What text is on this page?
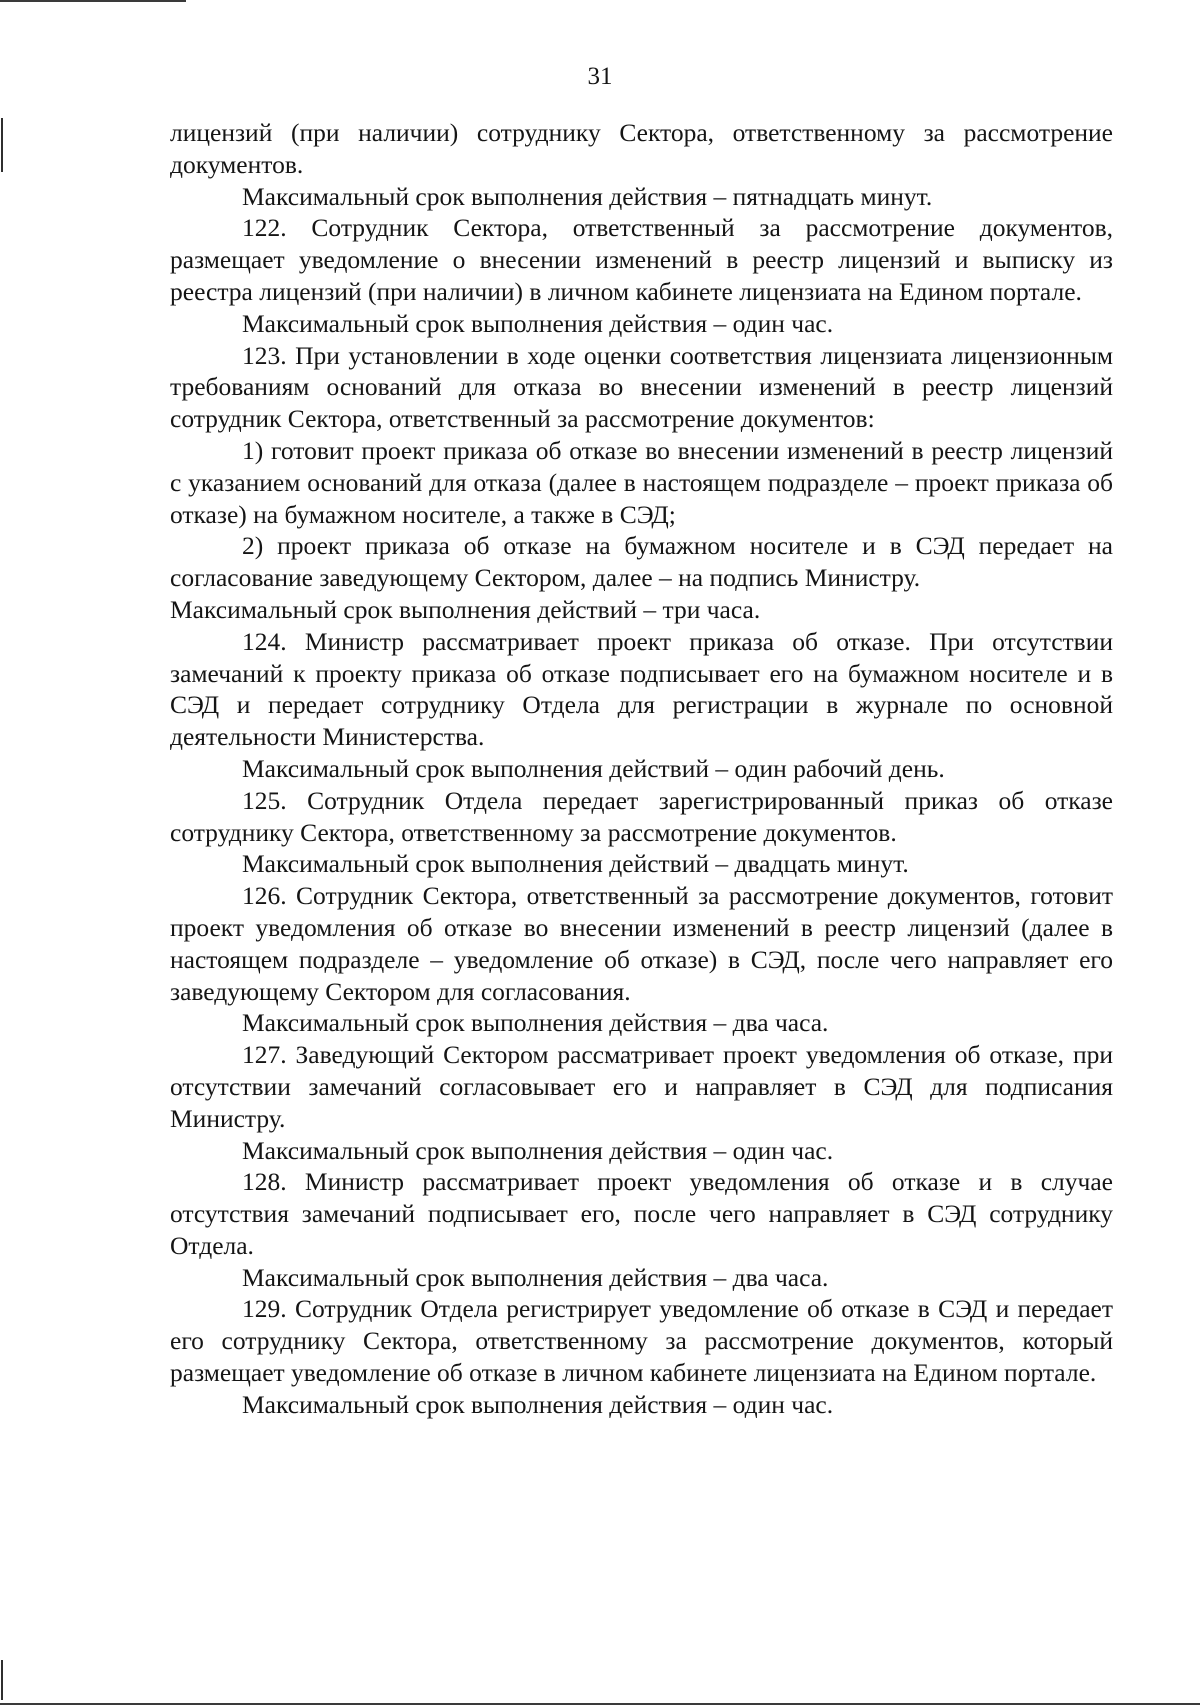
31

лицензий (при наличии) сотруднику Сектора, ответственному за рассмотрение документов.

Максимальный срок выполнения действия – пятнадцать минут.

122. Сотрудник Сектора, ответственный за рассмотрение документов, размещает уведомление о внесении изменений в реестр лицензий и выписку из реестра лицензий (при наличии) в личном кабинете лицензиата на Едином портале.

Максимальный срок выполнения действия – один час.

123. При установлении в ходе оценки соответствия лицензиата лицензионным требованиям оснований для отказа во внесении изменений в реестр лицензий сотрудник Сектора, ответственный за рассмотрение документов:

1) готовит проект приказа об отказе во внесении изменений в реестр лицензий с указанием оснований для отказа (далее в настоящем подразделе – проект приказа об отказе) на бумажном носителе, а также в СЭД;

2) проект приказа об отказе на бумажном носителе и в СЭД передает на согласование заведующему Сектором, далее – на подпись Министру.

Максимальный срок выполнения действий – три часа.

124. Министр рассматривает проект приказа об отказе. При отсутствии замечаний к проекту приказа об отказе подписывает его на бумажном носителе и в СЭД и передает сотруднику Отдела для регистрации в журнале по основной деятельности Министерства.

Максимальный срок выполнения действий – один рабочий день.

125. Сотрудник Отдела передает зарегистрированный приказ об отказе сотруднику Сектора, ответственному за рассмотрение документов.

Максимальный срок выполнения действий – двадцать минут.

126. Сотрудник Сектора, ответственный за рассмотрение документов, готовит проект уведомления об отказе во внесении изменений в реестр лицензий (далее в настоящем подразделе – уведомление об отказе) в СЭД, после чего направляет его заведующему Сектором для согласования.

Максимальный срок выполнения действия – два часа.

127. Заведующий Сектором рассматривает проект уведомления об отказе, при отсутствии замечаний согласовывает его и направляет в СЭД для подписания Министру.

Максимальный срок выполнения действия – один час.

128. Министр рассматривает проект уведомления об отказе и в случае отсутствия замечаний подписывает его, после чего направляет в СЭД сотруднику Отдела.

Максимальный срок выполнения действия – два часа.

129. Сотрудник Отдела регистрирует уведомление об отказе в СЭД и передает его сотруднику Сектора, ответственному за рассмотрение документов, который размещает уведомление об отказе в личном кабинете лицензиата на Едином портале.

Максимальный срок выполнения действия – один час.
